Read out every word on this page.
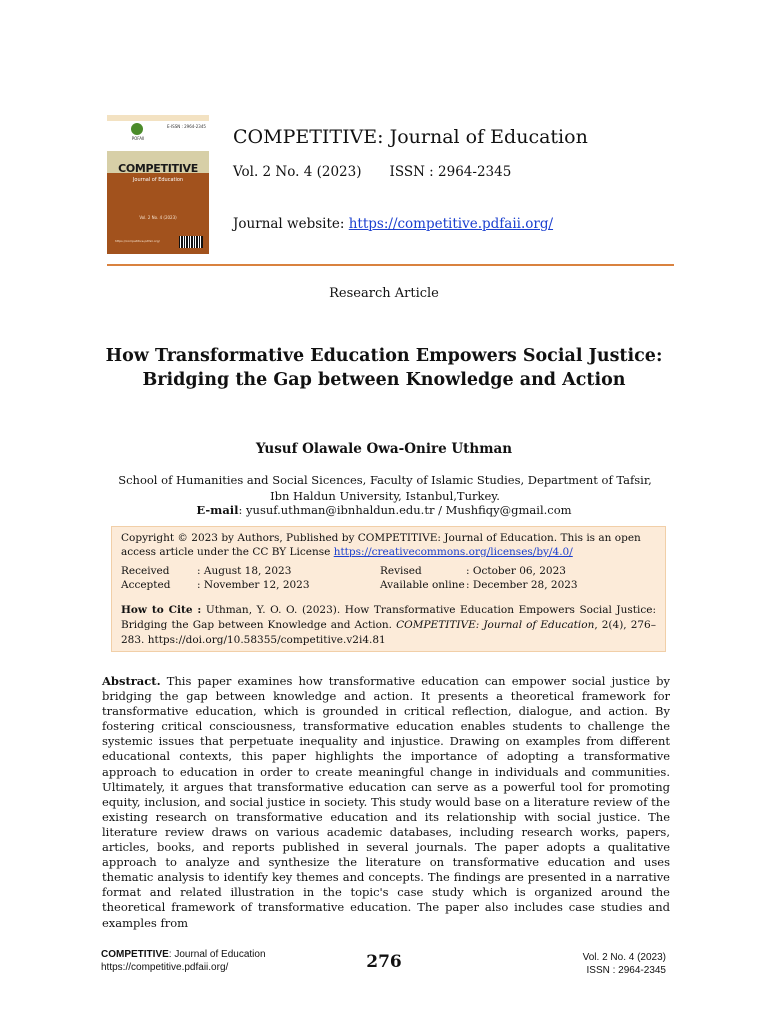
POFAII
E-ISSN : 2964-2345
COMPETITIVE
Journal of Education
Vol. 2 No. 4 (2023)
https://competitive.pdfaii.org/
COMPETITIVE: Journal of Education
Vol. 2 No. 4 (2023) ISSN : 2964-2345
Journal website: https://competitive.pdfaii.org/
Research Article
How Transformative Education Empowers Social Justice:
Bridging the Gap between Knowledge and Action
Yusuf Olawale Owa-Onire Uthman
School of Humanities and Social Sicences, Faculty of Islamic Studies, Department of Tafsir, Ibn Haldun University, Istanbul,Turkey.
E-mail: yusuf.uthman@ibnhaldun.edu.tr / Mushfiqy@gmail.com
Copyright © 2023 by Authors, Published by COMPETITIVE: Journal of Education. This is an open access article under the CC BY License https://creativecommons.org/licenses/by/4.0/
Received	: August 18, 2023	Revised	: October 06, 2023
Accepted	: November 12, 2023	Available online: December 28, 2023
How to Cite : Uthman, Y. O. O. (2023). How Transformative Education Empowers Social Justice: Bridging the Gap between Knowledge and Action. COMPETITIVE: Journal of Education, 2(4), 276–283. https://doi.org/10.58355/competitive.v2i4.81

Abstract. This paper examines how transformative education can empower social justice by bridging the gap between knowledge and action. It presents a theoretical framework for transformative education, which is grounded in critical reflection, dialogue, and action. By fostering critical consciousness, transformative education enables students to challenge the systemic issues that perpetuate inequality and injustice. Drawing on examples from different educational contexts, this paper highlights the importance of adopting a transformative approach to education in order to create meaningful change in individuals and communities. Ultimately, it argues that transformative education can serve as a powerful tool for promoting equity, inclusion, and social justice in society. This study would base on a literature review of the existing research on transformative education and its relationship with social justice. The literature review draws on various academic databases, including research works, papers, articles, books, and reports published in several journals. The paper adopts a qualitative approach to analyze and synthesize the literature on transformative education and uses thematic analysis to identify key themes and concepts. The findings are presented in a narrative format and related illustration in the topic's case study which is organized around the theoretical framework of transformative education. The paper also includes case studies and examples from

COMPETITIVE: Journal of Education
https://competitive.pdfaii.org/	276	Vol. 2 No. 4 (2023)
ISSN : 2964-2345
